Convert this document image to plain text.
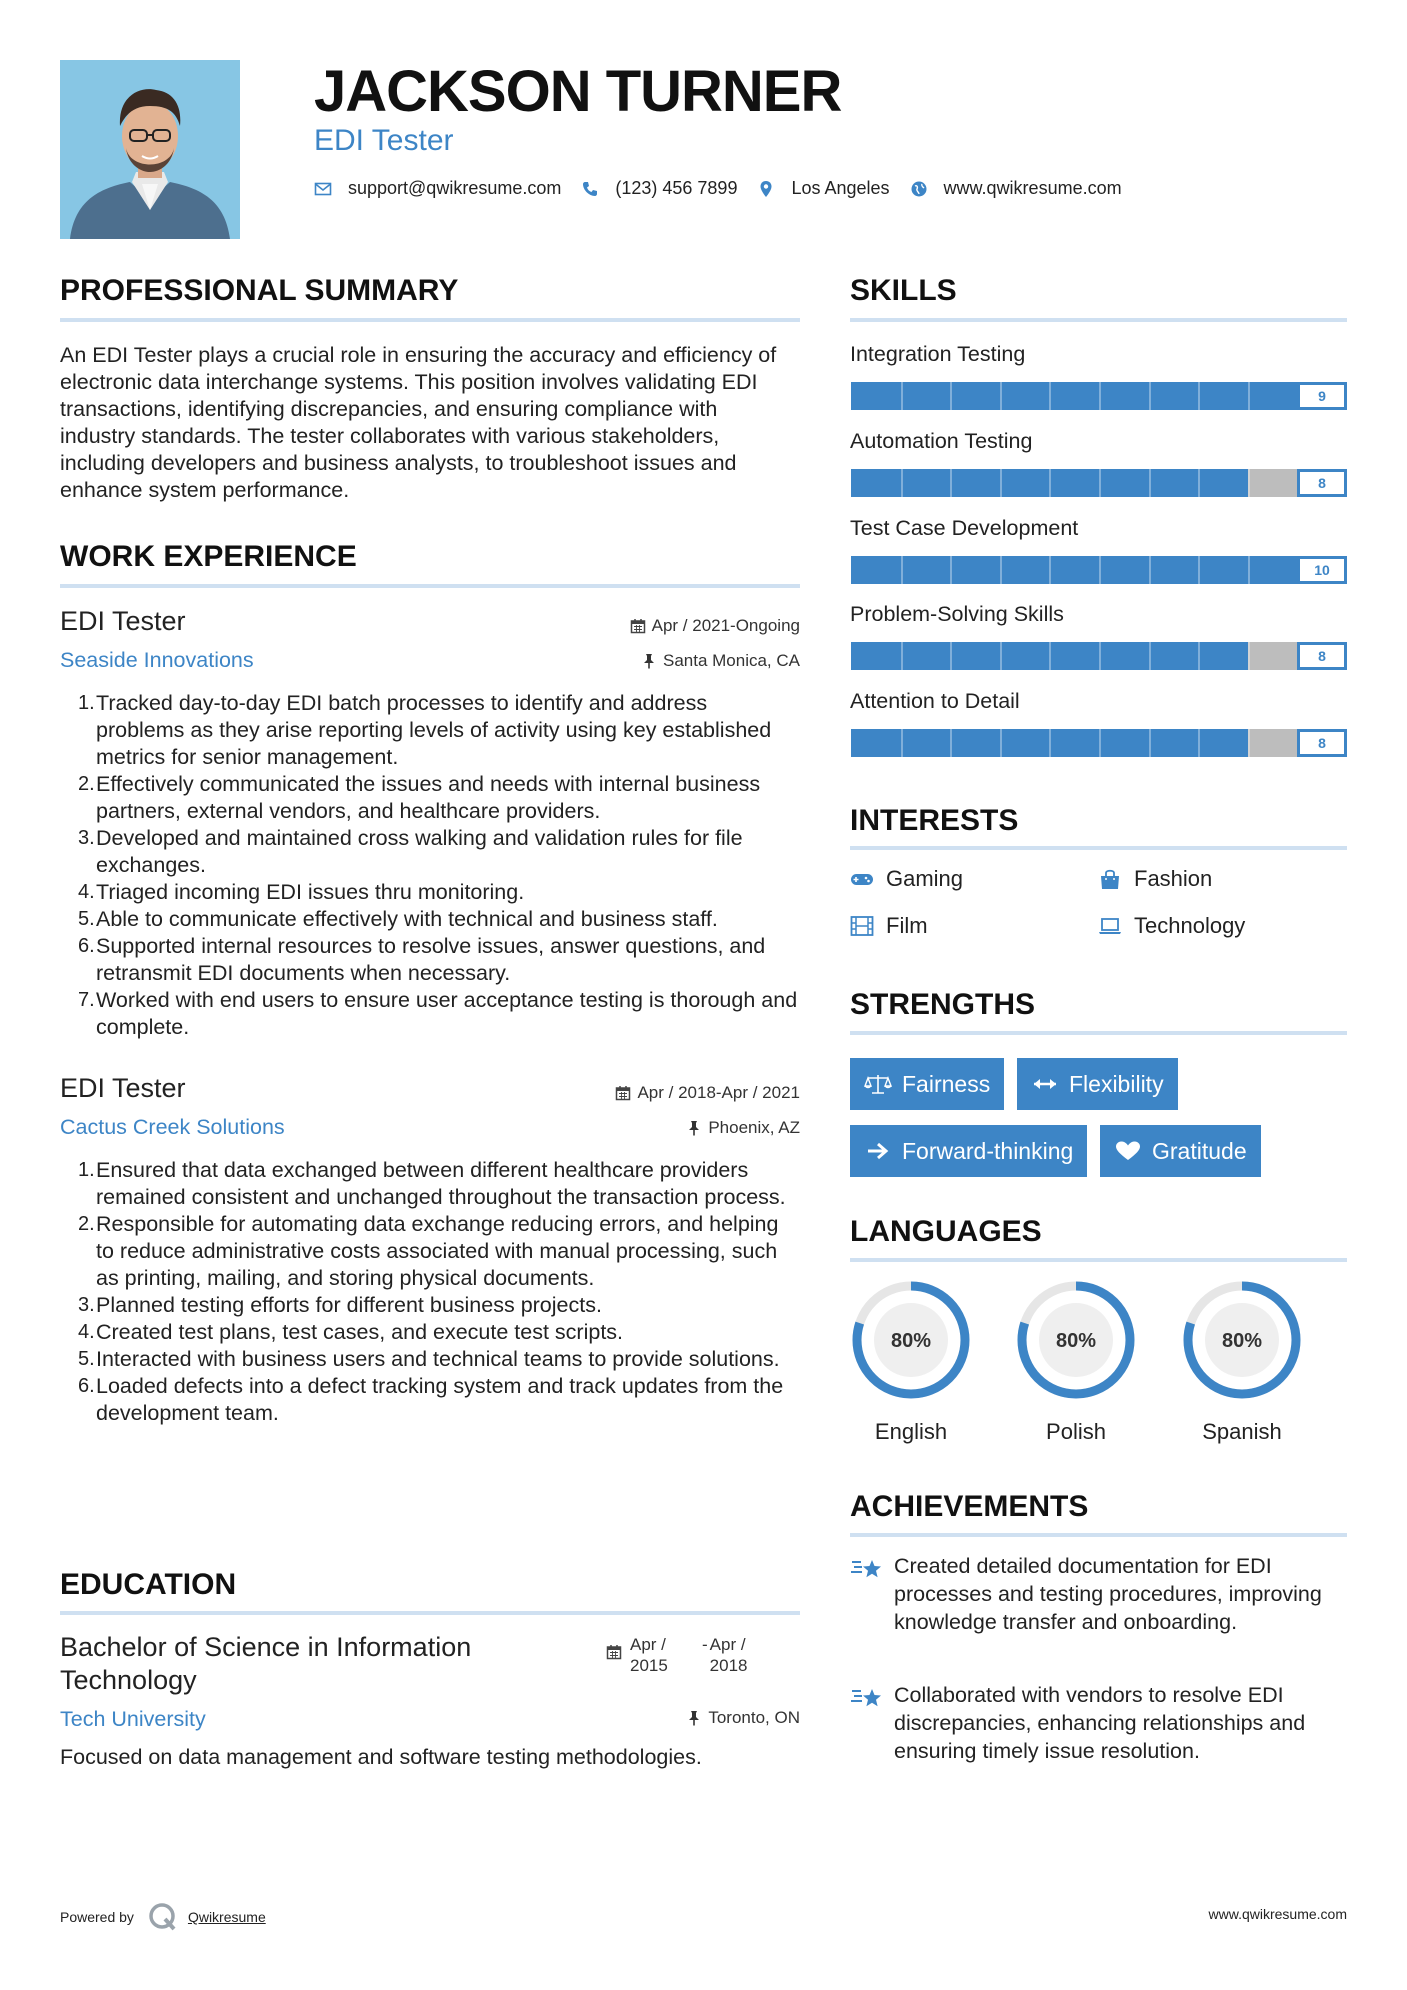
JACKSON TURNER
EDI Tester
support@qwikresume.com	(123) 456 7899	Los Angeles	www.qwikresume.com
PROFESSIONAL SUMMARY
An EDI Tester plays a crucial role in ensuring the accuracy and efficiency of electronic data interchange systems. This position involves validating EDI transactions, identifying discrepancies, and ensuring compliance with industry standards. The tester collaborates with various stakeholders, including developers and business analysts, to troubleshoot issues and enhance system performance.
WORK EXPERIENCE
EDI Tester
Seaside Innovations
Apr / 2021-Ongoing
Santa Monica, CA
Tracked day-to-day EDI batch processes to identify and address problems as they arise reporting levels of activity using key established metrics for senior management.
Effectively communicated the issues and needs with internal business partners, external vendors, and healthcare providers.
Developed and maintained cross walking and validation rules for file exchanges.
Triaged incoming EDI issues thru monitoring.
Able to communicate effectively with technical and business staff.
Supported internal resources to resolve issues, answer questions, and retransmit EDI documents when necessary.
Worked with end users to ensure user acceptance testing is thorough and complete.
EDI Tester
Cactus Creek Solutions
Apr / 2018-Apr / 2021
Phoenix, AZ
Ensured that data exchanged between different healthcare providers remained consistent and unchanged throughout the transaction process.
Responsible for automating data exchange reducing errors, and helping to reduce administrative costs associated with manual processing, such as printing, mailing, and storing physical documents.
Planned testing efforts for different business projects.
Created test plans, test cases, and execute test scripts.
Interacted with business users and technical teams to provide solutions.
Loaded defects into a defect tracking system and track updates from the development team.
EDUCATION
Bachelor of Science in Information Technology
Tech University
Apr / 2015
- Apr / 2018
Toronto, ON
Focused on data management and software testing methodologies.
SKILLS
Integration Testing
9
Automation Testing
8
Test Case Development
10
Problem-Solving Skills
8
Attention to Detail
8
INTERESTS
Gaming	Fashion
Film	Technology
STRENGTHS
Fairness	Flexibility
Forward-thinking	Gratitude
LANGUAGES
80%
English
80%
Polish
80%
Spanish
ACHIEVEMENTS
Created detailed documentation for EDI processes and testing procedures, improving knowledge transfer and onboarding.
Collaborated with vendors to resolve EDI discrepancies, enhancing relationships and ensuring timely issue resolution.
Powered by	Qwikresume	www.qwikresume.com
